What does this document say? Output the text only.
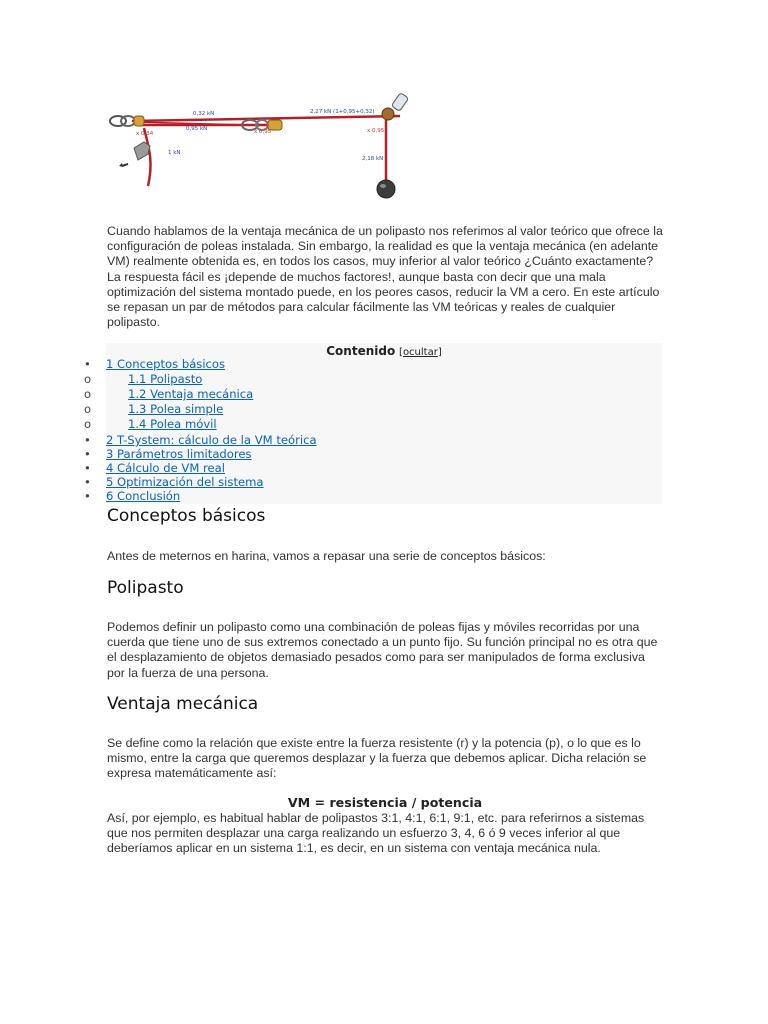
0,32 kN	2,27 kN (1+0,95+0,32)
0,95 kN
1 kN
2,18 kN
x 0,34	x 0,95	x 0,95

Cuando hablamos de la ventaja mecánica de un polipasto nos referimos al valor teórico que ofrece la configuración de poleas instalada. Sin embargo, la realidad es que la ventaja mecánica (en adelante VM) realmente obtenida es, en todos los casos, muy inferior al valor teórico ¿Cuánto exactamente? La respuesta fácil es ¡depende de muchos factores!, aunque basta con decir que una mala optimización del sistema montado puede, en los peores casos, reducir la VM a cero. En este artículo se repasan un par de métodos para calcular fácilmente las VM teóricas y reales de cualquier polipasto.

Contenido [ocultar]
• 1 Conceptos básicos
o	1.1 Polipasto
o	1.2 Ventaja mecánica
o	1.3 Polea simple
o	1.4 Polea móvil
• 2 T-System: cálculo de la VM teórica
• 3 Parámetros limitadores
• 4 Cálculo de VM real
• 5 Optimización del sistema
• 6 Conclusión
Conceptos básicos

Antes de meternos en harina, vamos a repasar una serie de conceptos básicos:

Polipasto

Podemos definir un polipasto como una combinación de poleas fijas y móviles recorridas por una cuerda que tiene uno de sus extremos conectado a un punto fijo. Su función principal no es otra que el desplazamiento de objetos demasiado pesados como para ser manipulados de forma exclusiva por la fuerza de una persona.

Ventaja mecánica

Se define como la relación que existe entre la fuerza resistente (r) y la potencia (p), o lo que es lo mismo, entre la carga que queremos desplazar y la fuerza que debemos aplicar. Dicha relación se expresa matemáticamente así:

VM = resistencia / potencia

Así, por ejemplo, es habitual hablar de polipastos 3:1, 4:1, 6:1, 9:1, etc. para referirnos a sistemas que nos permiten desplazar una carga realizando un esfuerzo 3, 4, 6 ó 9 veces inferior al que deberíamos aplicar en un sistema 1:1, es decir, en un sistema con ventaja mecánica nula.
